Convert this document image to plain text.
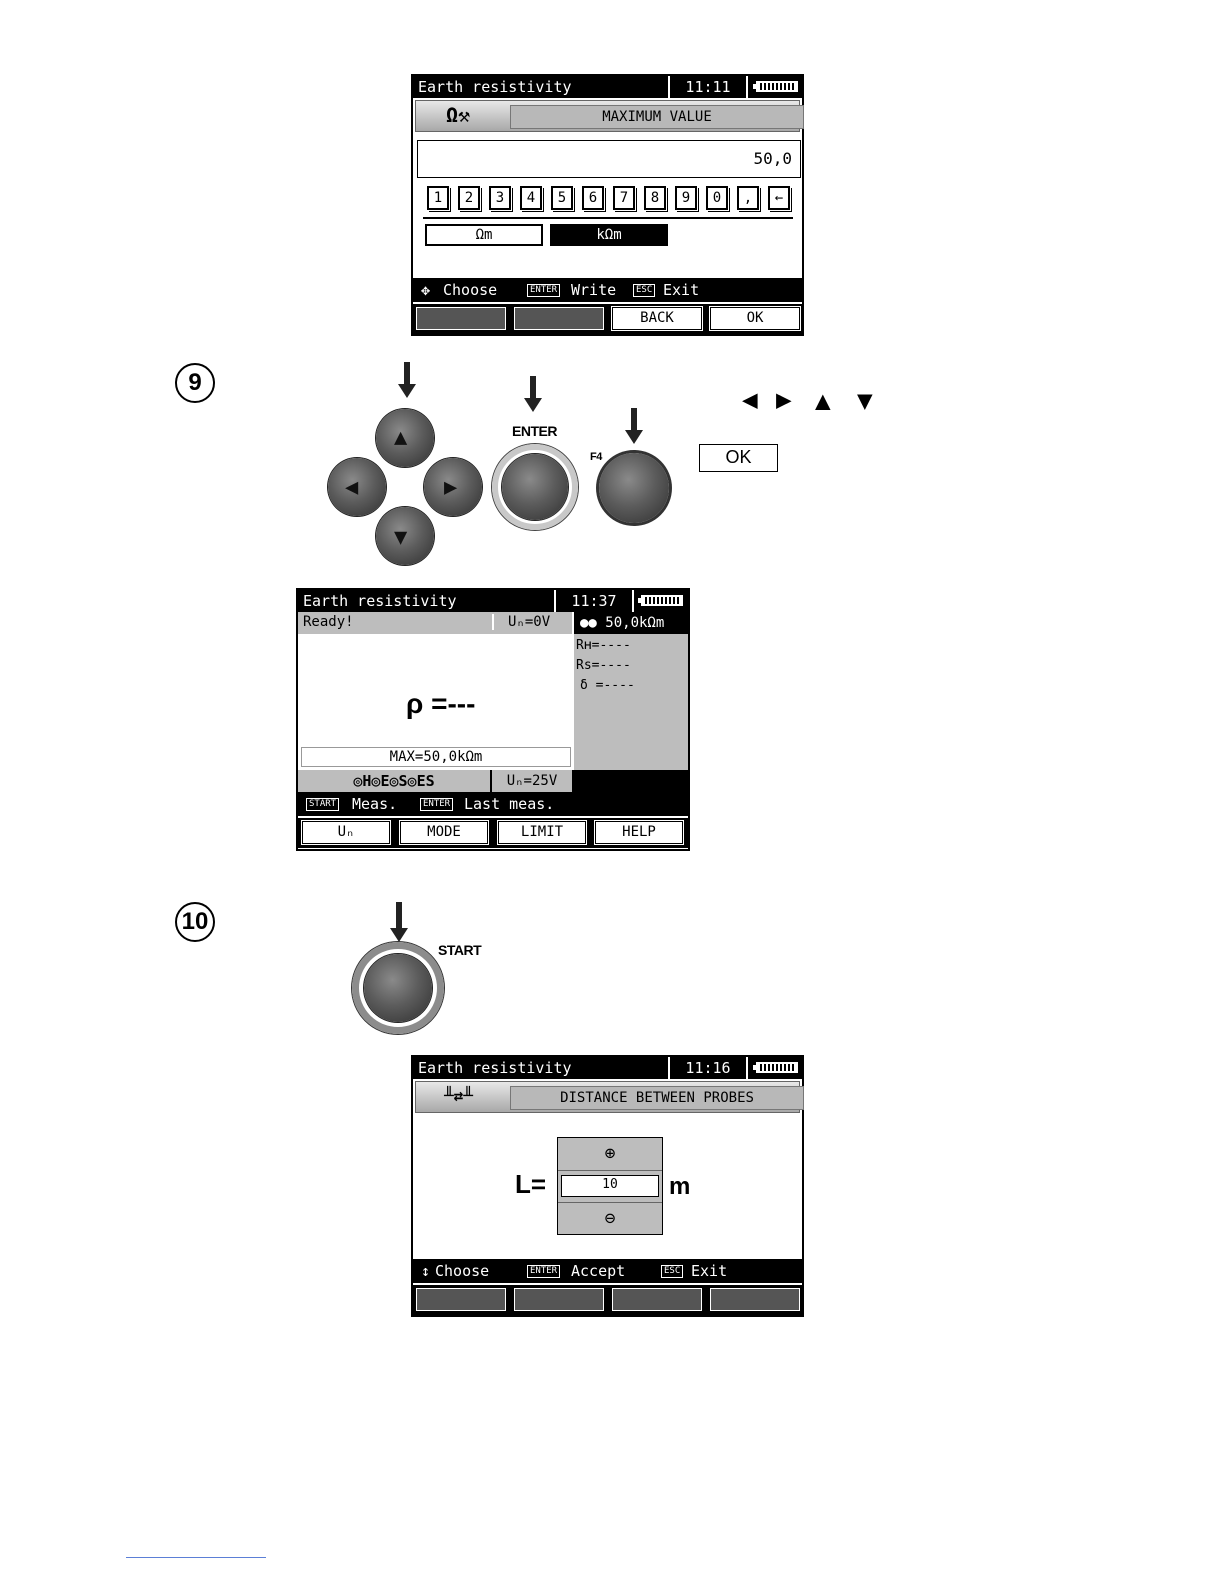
Earth resistivity	11:11
Ω⚒	MAXIMUM VALUE
50,0
1	2	3	4	5	6	7	8	9	0	,	←
Ωm	kΩm
✥ Choose	ENTER Write	ESC Exit
BACK	OK
9
▲
◀	▶
▼
ENTER
F4
◀ ▶ ▲ ▼
OK
Earth resistivity	11:37
Ready!	Uₙ=0V	●● 50,0kΩm
Rʜ=----
Rs=----
δ =----
ρ =---
MAX=50,0kΩm
◎H◎E◎S◎ES	Uₙ=25V
START Meas.	ENTER Last meas.
Uₙ	MODE	LIMIT	HELP
10
START
Earth resistivity	11:16
╨⇄╨	DISTANCE BETWEEN PROBES
L=
⊕
10
⊖
m
↕ Choose	ENTER Accept	ESC Exit
